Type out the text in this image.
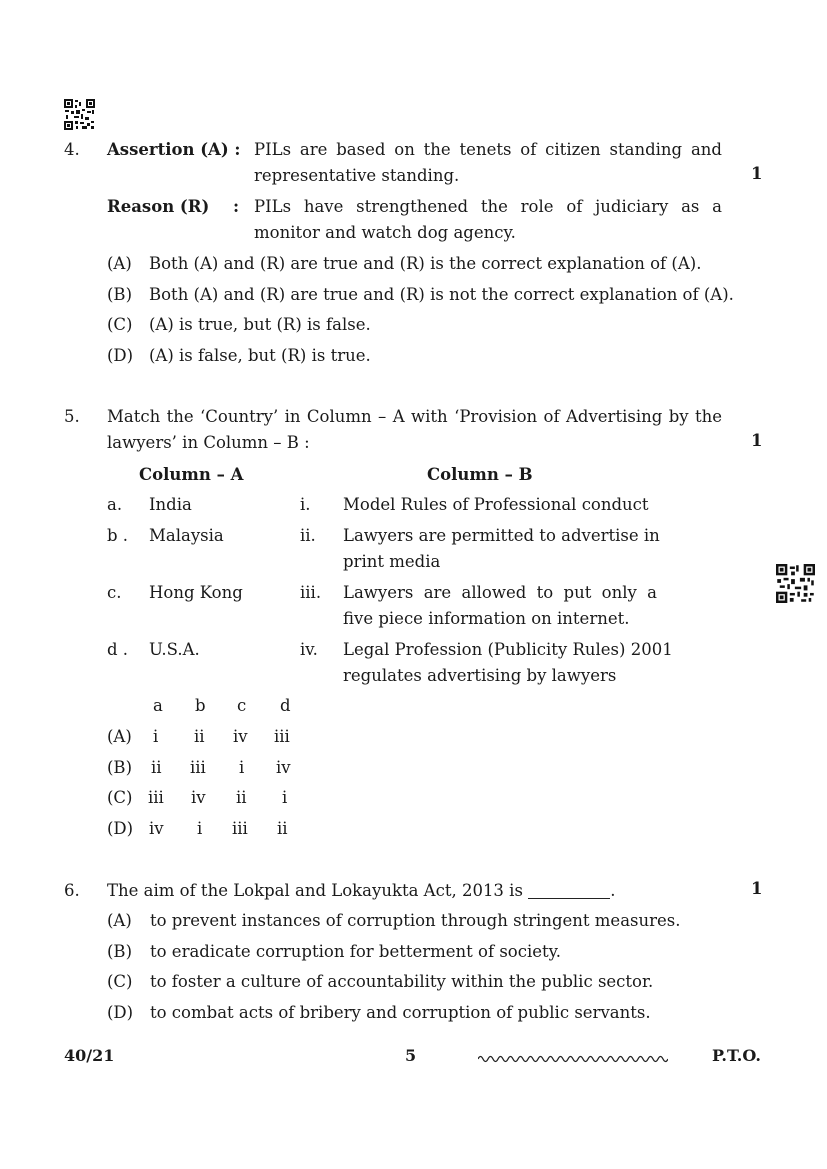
4. Assertion (A) : PILs are based on the tenets of citizen standing and
representative standing.	1
Reason (R) : PILs have strengthened the role of judiciary as a
monitor and watch dog agency.
(A) Both (A) and (R) are true and (R) is the correct explanation of (A).
(B) Both (A) and (R) are true and (R) is not the correct explanation of (A).
(C) (A) is true, but (R) is false.
(D) (A) is false, but (R) is true.
5. Match the ‘Country’ in Column – A with ‘Provision of Advertising by the
lawyers’ in Column – B :	1
Column – A	Column – B
a. India	i. Model Rules of Professional conduct
b . Malaysia	ii. Lawyers are permitted to advertise in
print media
c. Hong Kong	iii. Lawyers are allowed to put only a
five piece information on internet.
d . U.S.A.	iv. Legal Profession (Publicity Rules) 2001
regulates advertising by lawyers
a b c d
(A) i ii iv iii
(B) ii iii i iv
(C) iii iv ii i
(D) iv i iii ii
6. The aim of the Lokpal and Lokayukta Act, 2013 is	.	1
(A) to prevent instances of corruption through stringent measures.
(B) to eradicate corruption for betterment of society.
(C) to foster a culture of accountability within the public sector.
(D) to combat acts of bribery and corruption of public servants.
40/21	5	P.T.O.
